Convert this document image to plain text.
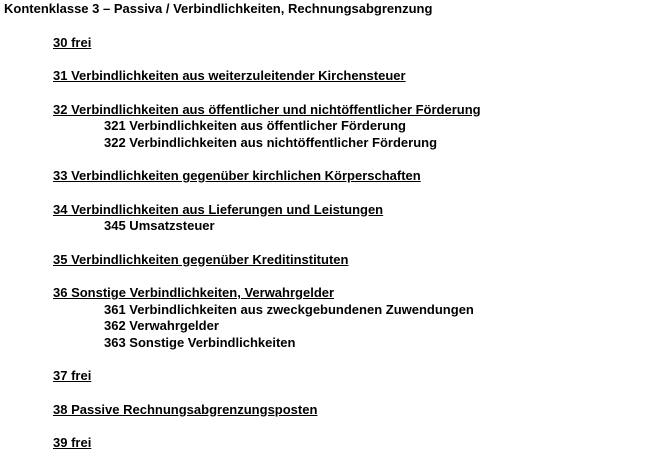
Kontenklasse 3 – Passiva / Verbindlichkeiten, Rechnungsabgrenzung
30 frei
31 Verbindlichkeiten aus weiterzuleitender Kirchensteuer
32 Verbindlichkeiten aus öffentlicher und nichtöffentlicher Förderung
321 Verbindlichkeiten aus öffentlicher Förderung
322 Verbindlichkeiten aus nichtöffentlicher Förderung
33 Verbindlichkeiten gegenüber kirchlichen Körperschaften
34 Verbindlichkeiten aus Lieferungen und Leistungen
345 Umsatzsteuer
35 Verbindlichkeiten gegenüber Kreditinstituten
36 Sonstige Verbindlichkeiten, Verwahrgelder
361 Verbindlichkeiten aus zweckgebundenen Zuwendungen
362 Verwahrgelder
363 Sonstige Verbindlichkeiten
37 frei
38 Passive Rechnungsabgrenzungsposten
39 frei
